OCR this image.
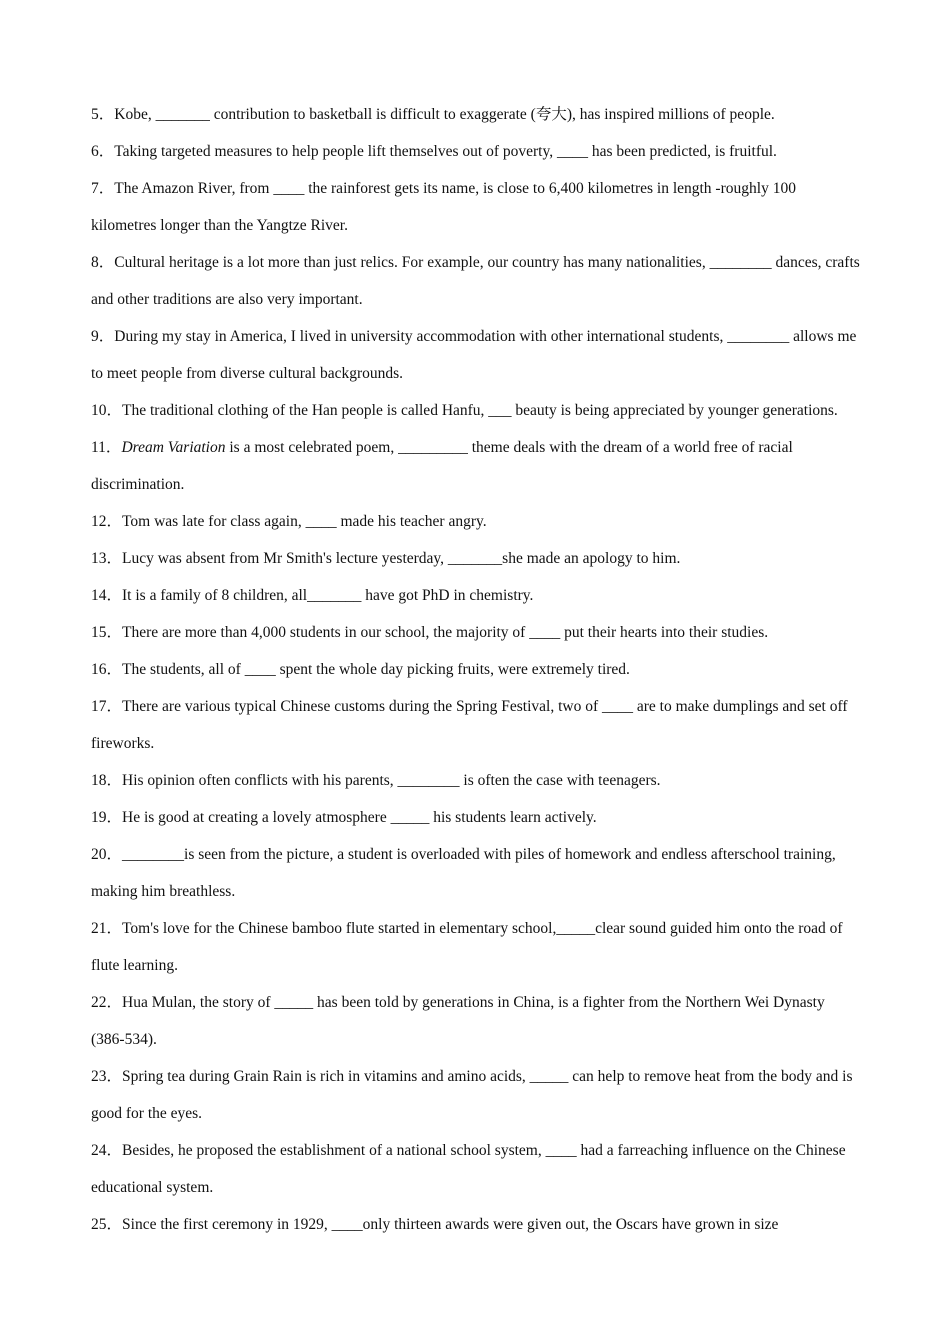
5．Kobe, _______ contribution to basketball is difficult to exaggerate (夸大), has inspired millions of people.

6．Taking targeted measures to help people lift themselves out of poverty, ____ has been predicted, is fruitful.

7．The Amazon River, from ____ the rainforest gets its name, is close to 6,400 kilometres in length -roughly 100 kilometres longer than the Yangtze River.

8．Cultural heritage is a lot more than just relics. For example, our country has many nationalities, ________ dances, crafts and other traditions are also very important.

9．During my stay in America, I lived in university accommodation with other international students, ________ allows me to meet people from diverse cultural backgrounds.

10．The traditional clothing of the Han people is called Hanfu, ___ beauty is being appreciated by younger generations.

11．Dream Variation is a most celebrated poem, _________ theme deals with the dream of a world free of racial discrimination.

12．Tom was late for class again, ____ made his teacher angry.

13．Lucy was absent from Mr Smith's lecture yesterday, _______she made an apology to him.

14．It is a family of 8 children, all_______ have got PhD in chemistry.

15．There are more than 4,000 students in our school, the majority of ____ put their hearts into their studies.

16．The students, all of ____ spent the whole day picking fruits, were extremely tired.

17．There are various typical Chinese customs during the Spring Festival, two of ____ are to make dumplings and set off fireworks.

18．His opinion often conflicts with his parents, ________ is often the case with teenagers.

19．He is good at creating a lovely atmosphere _____ his students learn actively.

20．________is seen from the picture, a student is overloaded with piles of homework and endless afterschool training, making him breathless.

21．Tom's love for the Chinese bamboo flute started in elementary school,_____clear sound guided him onto the road of flute learning.

22．Hua Mulan, the story of _____ has been told by generations in China, is a fighter from the Northern Wei Dynasty (386-534).

23．Spring tea during Grain Rain is rich in vitamins and amino acids, _____ can help to remove heat from the body and is good for the eyes.

24．Besides, he proposed the establishment of a national school system, ____ had a farreaching influence on the Chinese educational system.

25．Since the first ceremony in 1929, ____only thirteen awards were given out, the Oscars have grown in size
